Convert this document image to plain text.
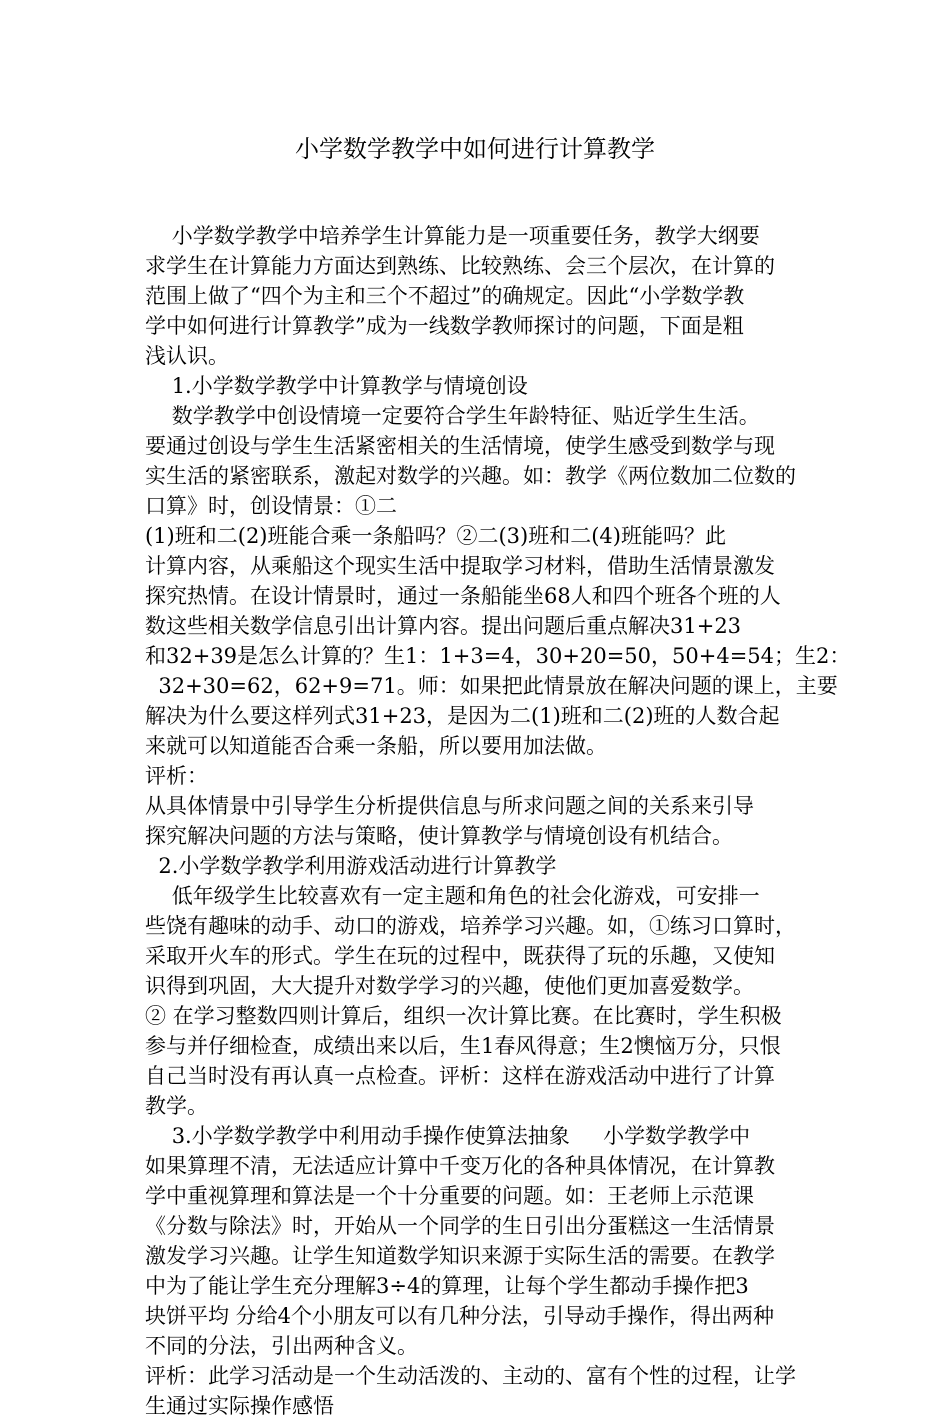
小学数学教学中如何进行计算教学
小学数学教学中培养学生计算能力是一项重要任务，教学大纲要
求学生在计算能力方面达到熟练、比较熟练、会三个层次，在计算的
范围上做了“四个为主和三个不超过”的确规定。因此“小学数学教
学中如何进行计算教学”成为一线数学教师探讨的问题，下面是粗
浅认识。
1.小学数学教学中计算教学与情境创设
数学教学中创设情境一定要符合学生年龄特征、贴近学生生活。
要通过创设与学生生活紧密相关的生活情境，使学生感受到数学与现
实生活的紧密联系，激起对数学的兴趣。如：教学《两位数加二位数的
口算》时，创设情景：①二
(1)班和二(2)班能合乘一条船吗？②二(3)班和二(4)班能吗？此
计算内容，从乘船这个现实生活中提取学习材料，借助生活情景激发
探究热情。在设计情景时，通过一条船能坐68人和四个班各个班的人
数这些相关数学信息引出计算内容。提出问题后重点解决31+23
和32+39是怎么计算的？生1：1+3=4，30+20=50，50+4=54；生2：
32+30=62，62+9=71。师：如果把此情景放在解决问题的课上，主要
解决为什么要这样列式31+23，是因为二(1)班和二(2)班的人数合起
来就可以知道能否合乘一条船，所以要用加法做。
评析：
从具体情景中引导学生分析提供信息与所求问题之间的关系来引导
探究解决问题的方法与策略，使计算教学与情境创设有机结合。
2.小学数学教学利用游戏活动进行计算教学
低年级学生比较喜欢有一定主题和角色的社会化游戏，可安排一
些饶有趣味的动手、动口的游戏，培养学习兴趣。如，①练习口算时，
采取开火车的形式。学生在玩的过程中，既获得了玩的乐趣，又使知
识得到巩固，大大提升对数学学习的兴趣，使他们更加喜爱数学。
② 在学习整数四则计算后，组织一次计算比赛。在比赛时，学生积极
参与并仔细检查，成绩出来以后，生1春风得意；生2懊恼万分，只恨
自己当时没有再认真一点检查。评析：这样在游戏活动中进行了计算
教学。
3.小学数学教学中利用动手操作使算法抽象     小学数学教学中
如果算理不清，无法适应计算中千变万化的各种具体情况，在计算教
学中重视算理和算法是一个十分重要的问题。如：王老师上示范课
《分数与除法》时，开始从一个同学的生日引出分蛋糕这一生活情景
激发学习兴趣。让学生知道数学知识来源于实际生活的需要。在教学
中为了能让学生充分理解3÷4的算理，让每个学生都动手操作把3
块饼平均 分给4个小朋友可以有几种分法，引导动手操作，得出两种
不同的分法，引出两种含义。
评析：此学习活动是一个生动活泼的、主动的、富有个性的过程，让学
生通过实际操作感悟
